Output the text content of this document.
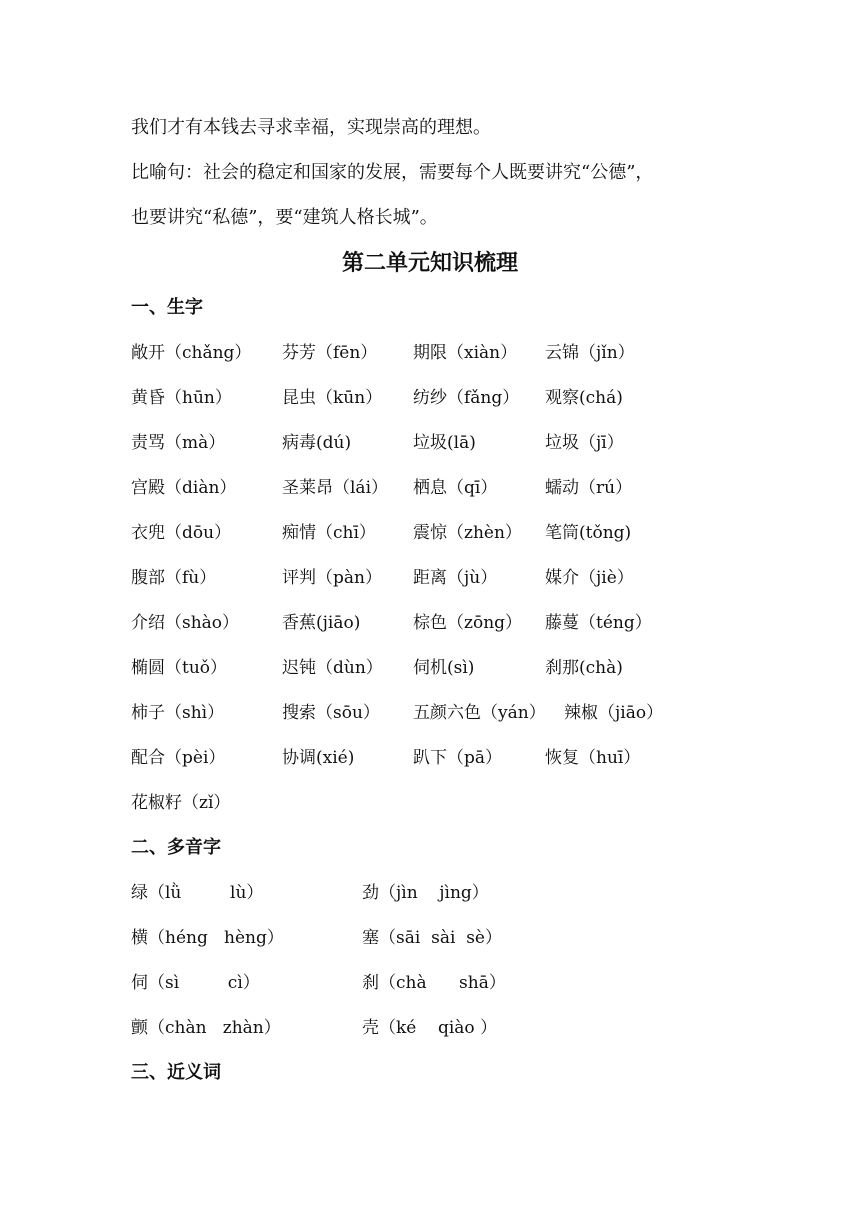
我们才有本钱去寻求幸福，实现崇高的理想。
比喻句：社会的稳定和国家的发展，需要每个人既要讲究“公德”，
也要讲究“私德”，要“建筑人格长城”。
第二单元知识梳理
一、生字
敞开（chǎng） 芬芳（fēn） 期限（xiàn） 云锦（jǐn）
黄昏（hūn）	昆虫（kūn） 纺纱（fǎng） 观察(chá)
责骂（mà）	病毒(dú)	垃圾(lā)	垃圾（jī）
宫殿（diàn）	圣莱昂（lái） 栖息（qī）	蠕动（rú）
衣兜（dōu）	痴情（chī） 震惊（zhèn） 笔筒(tǒng)
腹部（fù）	评判（pàn） 距离（jù）	媒介（jiè）
介绍（shào）	香蕉(jiāo)	棕色（zōng） 藤蔓（téng）
椭圆（tuǒ）	迟钝（dùn） 伺机(sì)	刹那(chà)
柿子（shì）	搜索（sōu） 五颜六色（yán） 辣椒（jiāo）
配合（pèi）	协调(xié)	趴下（pā）	恢复（huī）
花椒籽（zǐ）
二、多音字
绿（lǜ         lù）	劲（jìn    jìng）
横（héng   hèng）	塞（sāi  sài  sè）
伺（sì         cì）	刹（chà      shā）
颤（chàn   zhàn）	壳（ké    qiào ）
三、近义词
